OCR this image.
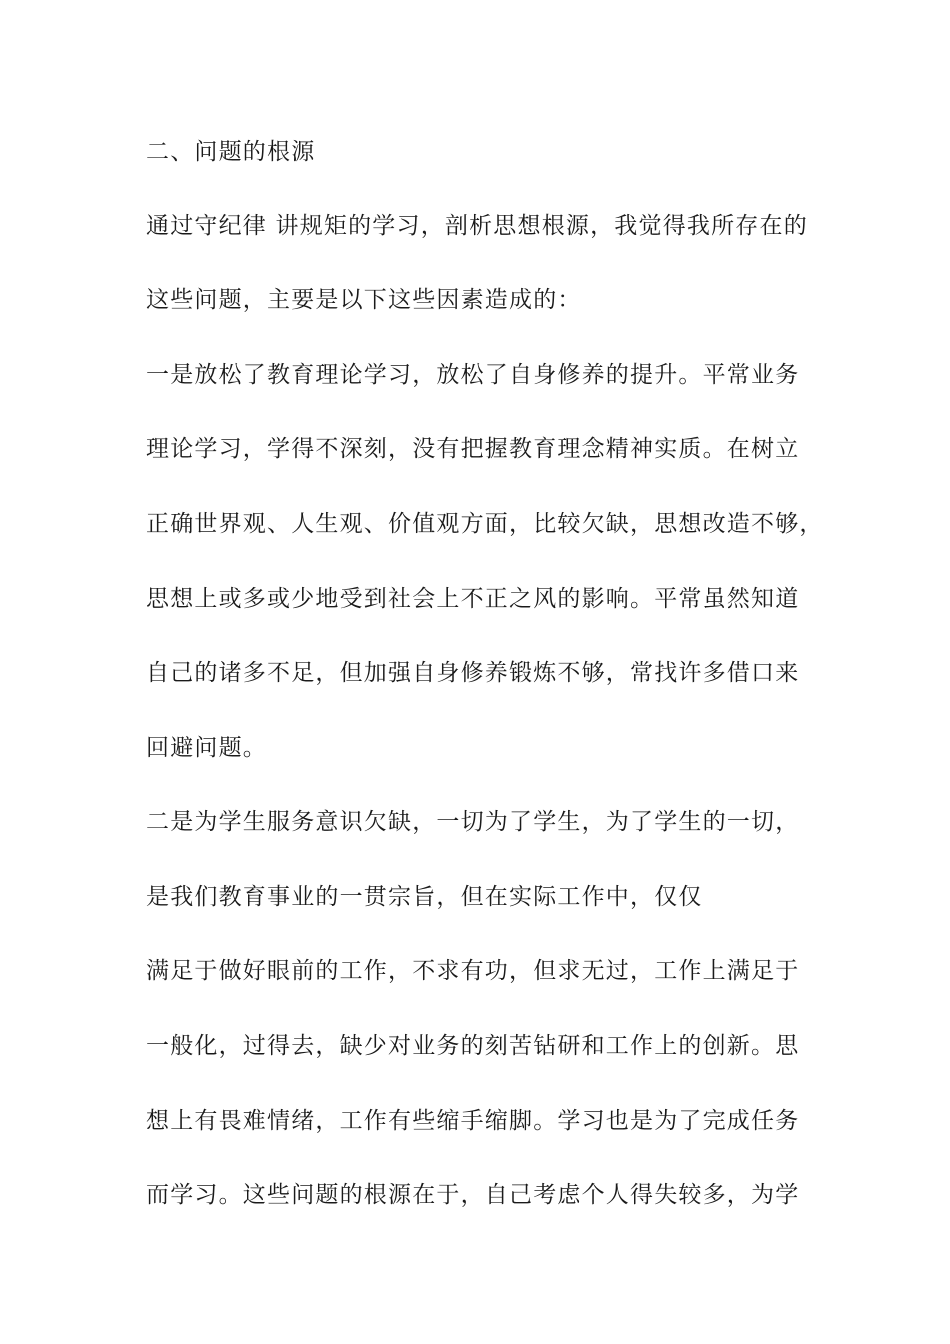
二、问题的根源
通过守纪律 讲规矩的学习，剖析思想根源，我觉得我所存在的
这些问题，主要是以下这些因素造成的：
一是放松了教育理论学习，放松了自身修养的提升。平常业务
理论学习，学得不深刻，没有把握教育理念精神实质。在树立
正确世界观、人生观、价值观方面，比较欠缺，思想改造不够，
思想上或多或少地受到社会上不正之风的影响。平常虽然知道
自己的诸多不足，但加强自身修养锻炼不够，常找许多借口来
回避问题。
二是为学生服务意识欠缺，一切为了学生，为了学生的一切，
是我们教育事业的一贯宗旨，但在实际工作中，仅仅
满足于做好眼前的工作，不求有功，但求无过，工作上满足于
一般化，过得去，缺少对业务的刻苦钻研和工作上的创新。思
想上有畏难情绪，工作有些缩手缩脚。学习也是为了完成任务
而学习。这些问题的根源在于，自己考虑个人得失较多，为学
